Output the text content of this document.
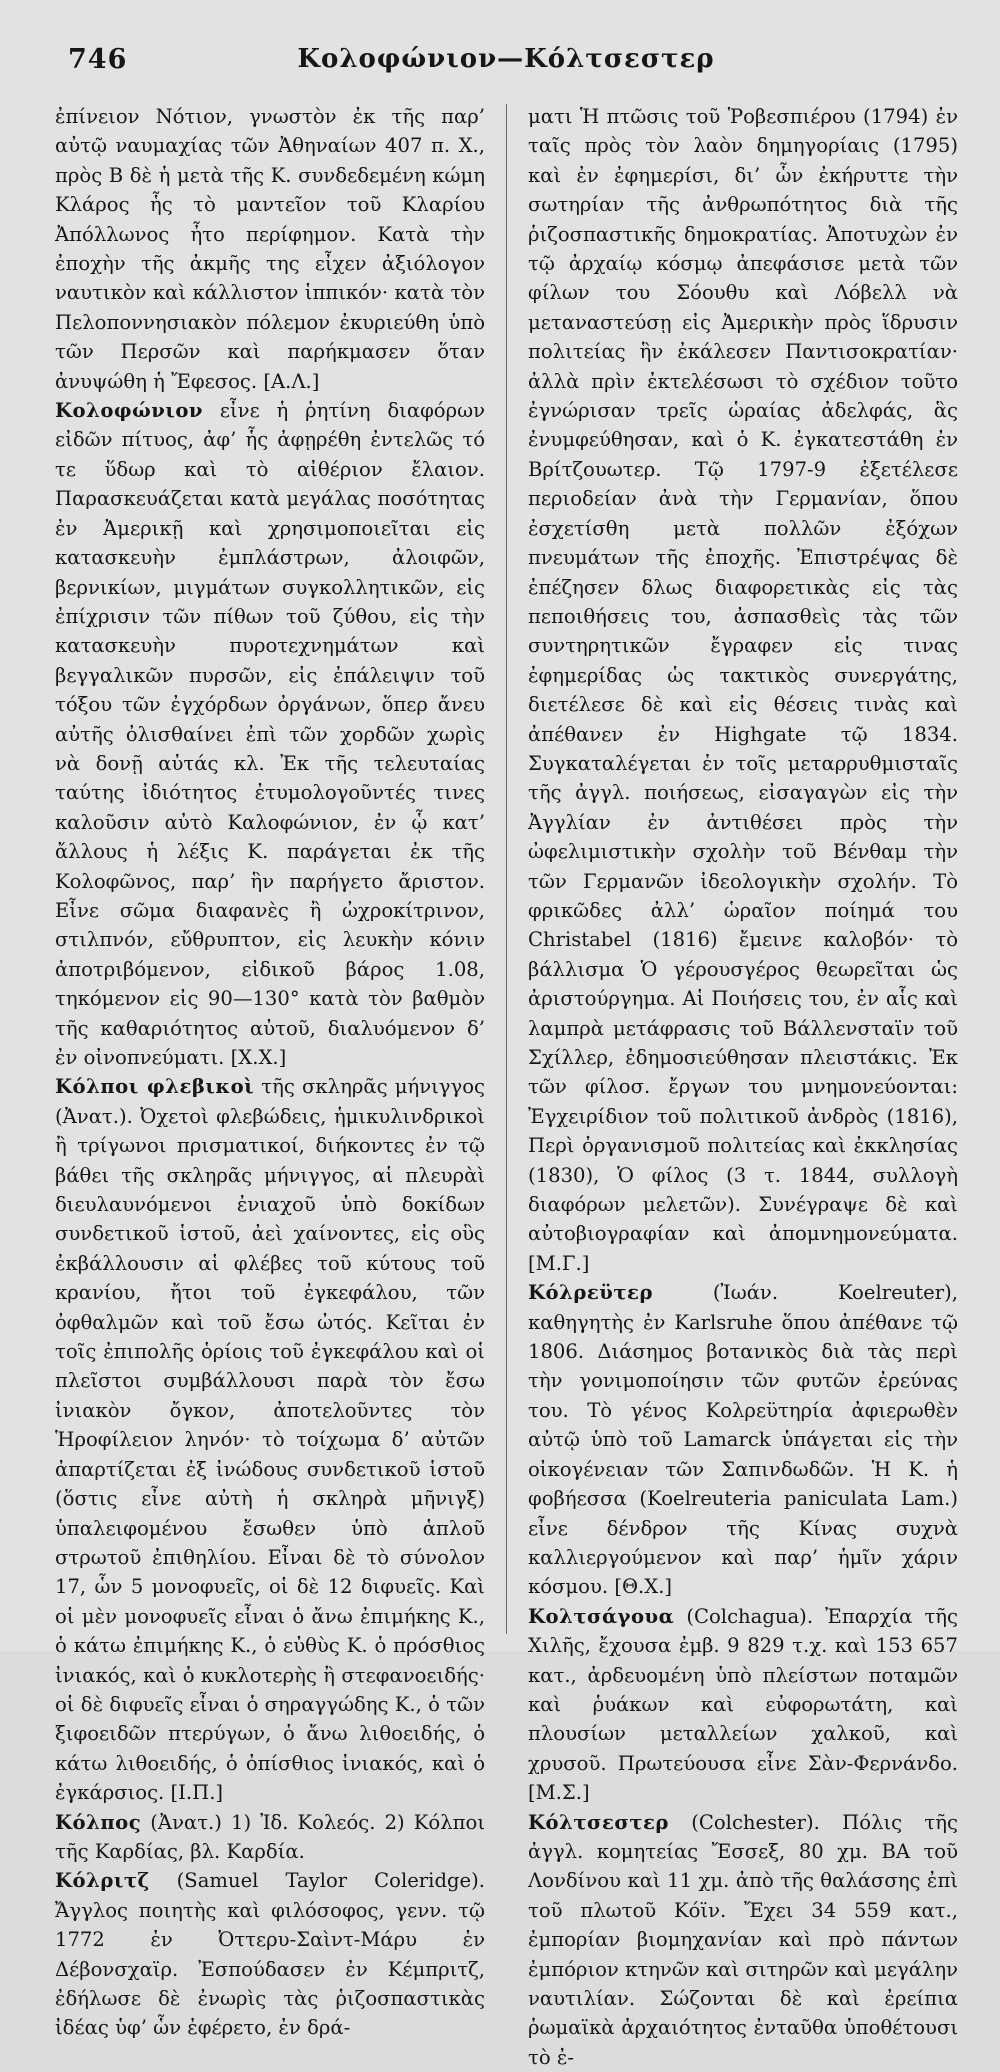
746	Κολοφώνιον—Κόλτσεστερ

ἐπίνειον Νότιον, γνωστὸν ἐκ τῆς παρ’ αὐτῷ ναυμαχίας τῶν Ἀθηναίων 407 π. Χ., πρὸς Β δὲ ἡ μετὰ τῆς Κ. συνδεδεμένη κώμη Κλάρος ἧς τὸ μαντεῖον τοῦ Κλαρίου Ἀπόλλωνος ἦτο περίφημον. Κατὰ τὴν ἐποχὴν τῆς ἀκμῆς της εἶχεν ἀξιόλογον ναυτικὸν καὶ κάλλιστον ἱππικόν· κατὰ τὸν Πελοποννησιακὸν πόλεμον ἐκυριεύθη ὑπὸ τῶν Περσῶν καὶ παρήκμασεν ὅταν ἀνυψώθη ἡ Ἔφεσος. [Α.Λ.]

Κολοφώνιον εἶνε ἡ ῥητίνη διαφόρων εἰδῶν πίτυος, ἀφ’ ἧς ἀφῃρέθη ἐντελῶς τό τε ὕδωρ καὶ τὸ αἰθέριον ἔλαιον. Παρασκευάζεται κατὰ μεγάλας ποσότητας ἐν Ἀμερικῇ καὶ χρησιμοποιεῖται εἰς κατασκευὴν ἐμπλάστρων, ἀλοιφῶν, βερνικίων, μιγμάτων συγκολλητικῶν, εἰς ἐπίχρισιν τῶν πίθων τοῦ ζύθου, εἰς τὴν κατασκευὴν πυροτεχνημάτων καὶ βεγγαλικῶν πυρσῶν, εἰς ἐπάλειψιν τοῦ τόξου τῶν ἐγχόρδων ὀργάνων, ὅπερ ἄνευ αὐτῆς ὀλισθαίνει ἐπὶ τῶν χορδῶν χωρὶς νὰ δονῇ αὐτάς κλ. Ἐκ τῆς τελευταίας ταύτης ἰδιότητος ἐτυμολογοῦντές τινες καλοῦσιν αὐτὸ Καλοφώνιον, ἐν ᾧ κατ’ ἄλλους ἡ λέξις Κ. παράγεται ἐκ τῆς Κολοφῶνος, παρ’ ἣν παρήγετο ἄριστον. Εἶνε σῶμα διαφανὲς ἢ ὠχροκίτρινον, στιλπνόν, εὔθρυπτον, εἰς λευκὴν κόνιν ἀποτριβόμενον, εἰδικοῦ βάρος 1.08, τηκόμενον εἰς 90—130° κατὰ τὸν βαθμὸν τῆς καθαριότητος αὐτοῦ, διαλυόμενον δ’ ἐν οἰνοπνεύματι. [Χ.Χ.]

Κόλποι φλεβικοὶ τῆς σκληρᾶς μήνιγγος (Ἀνατ.). Ὀχετοὶ φλεβώδεις, ἡμικυλινδρικοὶ ἢ τρίγωνοι πρισματικοί, διήκοντες ἐν τῷ βάθει τῆς σκληρᾶς μήνιγγος, αἱ πλευρὰὶ διευλαυνόμενοι ἐνιαχοῦ ὑπὸ δοκίδων συνδετικοῦ ἱστοῦ, ἀεὶ χαίνοντες, εἰς οὓς ἐκβάλλουσιν αἱ φλέβες τοῦ κύτους τοῦ κρανίου, ἤτοι τοῦ ἐγκεφάλου, τῶν ὀφθαλμῶν καὶ τοῦ ἔσω ὠτός. Κεῖται ἐν τοῖς ἐπιπολῆς ὁρίοις τοῦ ἐγκεφάλου καὶ οἱ πλεῖστοι συμβάλλουσι παρὰ τὸν ἔσω ἰνιακὸν ὄγκον, ἀποτελοῦντες τὸν Ἡροφίλειον ληνόν· τὸ τοίχωμα δ’ αὐτῶν ἀπαρτίζεται ἐξ ἰνώδους συνδετικοῦ ἱστοῦ (ὅστις εἶνε αὐτὴ ἡ σκληρὰ μῆνιγξ) ὑπαλειφομένου ἔσωθεν ὑπὸ ἁπλοῦ στρωτοῦ ἐπιθηλίου. Εἶναι δὲ τὸ σύνολον 17, ὧν 5 μονοφυεῖς, οἱ δὲ 12 διφυεῖς. Καὶ οἱ μὲν μονοφυεῖς εἶναι ὁ ἄνω ἐπιμήκης Κ., ὁ κάτω ἐπιμήκης Κ., ὁ εὐθὺς Κ. ὁ πρόσθιος ἰνιακός, καὶ ὁ κυκλοτερὴς ἢ στεφανοειδής· οἱ δὲ διφυεῖς εἶναι ὁ σηραγγώδης Κ., ὁ τῶν ξιφοειδῶν πτερύγων, ὁ ἄνω λιθοειδής, ὁ κάτω λιθοειδής, ὁ ὀπίσθιος ἰνιακός, καὶ ὁ ἐγκάρσιος. [Ι.Π.]

Κόλπος (Ἀνατ.) 1) Ἰδ. Κολεός. 2) Κόλποι τῆς Καρδίας, βλ. Καρδία.

Κόλριτζ (Samuel Taylor Coleridge). Ἄγγλος ποιητὴς καὶ φιλόσοφος, γενν. τῷ 1772 ἐν Ὀττερυ-Σαὶντ-Μάρυ ἐν Δέβονσχαϊρ. Ἐσπούδασεν ἐν Κέμπριτζ, ἐδήλωσε δὲ ἐνωρὶς τὰς ῥιζοσπαστικὰς ἰδέας ὑφ’ ὧν ἐφέρετο, ἐν δρά-

ματι Ἡ πτῶσις τοῦ Ῥοβεσπιέρου (1794) ἐν ταῖς πρὸς τὸν λαὸν δημηγορίαις (1795) καὶ ἐν ἐφημερίσι, δι’ ὧν ἐκήρυττε τὴν σωτηρίαν τῆς ἀνθρωπότητος διὰ τῆς ῥιζοσπαστικῆς δημοκρατίας. Ἀποτυχὼν ἐν τῷ ἀρχαίῳ κόσμῳ ἀπεφάσισε μετὰ τῶν φίλων του Σόουθυ καὶ Λόβελλ νὰ μεταναστεύσῃ εἰς Ἀμερικὴν πρὸς ἵδρυσιν πολιτείας ἣν ἐκάλεσεν Παντισοκρατίαν· ἀλλὰ πρὶν ἐκτελέσωσι τὸ σχέδιον τοῦτο ἐγνώρισαν τρεῖς ὡραίας ἀδελφάς, ἃς ἐνυμφεύθησαν, καὶ ὁ Κ. ἐγκατεστάθη ἐν Βρίτζουωτερ. Τῷ 1797-9 ἐξετέλεσε περιοδείαν ἀνὰ τὴν Γερμανίαν, ὅπου ἐσχετίσθη μετὰ πολλῶν ἐξόχων πνευμάτων τῆς ἐποχῆς. Ἐπιστρέψας δὲ ἐπέζησεν δλως διαφορετικὰς εἰς τὰς πεποιθήσεις του, ἀσπασθεὶς τὰς τῶν συντηρητικῶν ἔγραφεν εἰς τινας ἐφημερίδας ὡς τακτικὸς συνεργάτης, διετέλεσε δὲ καὶ εἰς θέσεις τινὰς καὶ ἀπέθανεν ἐν Highgate τῷ 1834. Συγκαταλέγεται ἐν τοῖς μεταρρυθμισταῖς τῆς ἀγγλ. ποιήσεως, εἰσαγαγὼν εἰς τὴν Ἀγγλίαν ἐν ἀντιθέσει πρὸς τὴν ὠφελιμιστικὴν σχολὴν τοῦ Βένθαμ τὴν τῶν Γερμανῶν ἰδεολογικὴν σχολήν. Τὸ φρικῶδες ἀλλ’ ὡραῖον ποίημά του Christabel (1816) ἔμεινε καλοβόν· τὸ βάλλισμα Ὁ γέρουσγέρος θεωρεῖται ὡς ἀριστούργημα. Αἱ Ποιήσεις του, ἐν αἷς καὶ λαμπρὰ μετάφρασις τοῦ Βάλλενσταϊν τοῦ Σχίλλερ, ἐδημοσιεύθησαν πλειστάκις. Ἐκ τῶν φίλοσ. ἔργων του μνημονεύονται: Ἐγχειρίδιον τοῦ πολιτικοῦ ἀνδρὸς (1816), Περὶ ὀργανισμοῦ πολιτείας καὶ ἐκκλησίας (1830), Ὁ φίλος (3 τ. 1844, συλλογὴ διαφόρων μελετῶν). Συνέγραψε δὲ καὶ αὐτοβιογραφίαν καὶ ἀπομνημονεύματα. [Μ.Γ.]

Κόλρεϋτερ (Ἰωάν. Koelreuter), καθηγητὴς ἐν Karlsruhe ὅπου ἀπέθανε τῷ 1806. Διάσημος βοτανικὸς διὰ τὰς περὶ τὴν γονιμοποίησιν τῶν φυτῶν ἐρεύνας του. Τὸ γένος Κολρεϋτηρία ἀφιερωθὲν αὐτῷ ὑπὸ τοῦ Lamarck ὑπάγεται εἰς τὴν οἰκογένειαν τῶν Σαπινδωδῶν. Ἡ Κ. ἡ φοβήεσσα (Koelreuteria paniculata Lam.) εἶνε δένδρον τῆς Κίνας συχνὰ καλλιεργούμενον καὶ παρ’ ἡμῖν χάριν κόσμου. [Θ.Χ.]

Κολτσάγουα (Colchagua). Ἐπαρχία τῆς Χιλῆς, ἔχουσα ἐμβ. 9 829 τ.χ. καὶ 153 657 κατ., ἀρδευομένη ὑπὸ πλείστων ποταμῶν καὶ ῥυάκων καὶ εὐφορωτάτη, καὶ πλουσίων μεταλλείων χαλκοῦ, καὶ χρυσοῦ. Πρωτεύουσα εἶνε Σὰν-Φερνάνδο. [Μ.Σ.]

Κόλτσεστερ (Colchester). Πόλις τῆς ἀγγλ. κομητείας Ἔσσεξ, 80 χμ. ΒΑ τοῦ Λονδίνου καὶ 11 χμ. ἀπὸ τῆς θαλάσσης ἐπὶ τοῦ πλωτοῦ Κόϊν. Ἔχει 34 559 κατ., ἐμπορίαν βιομηχανίαν καὶ πρὸ πάντων ἐμπόριον κτηνῶν καὶ σιτηρῶν καὶ μεγάλην ναυτιλίαν. Σώζονται δὲ καὶ ἐρείπια ῥωμαϊκὰ ἀρχαιότητος ἐνταῦθα ὑποθέτουσι τὸ ἐ-
